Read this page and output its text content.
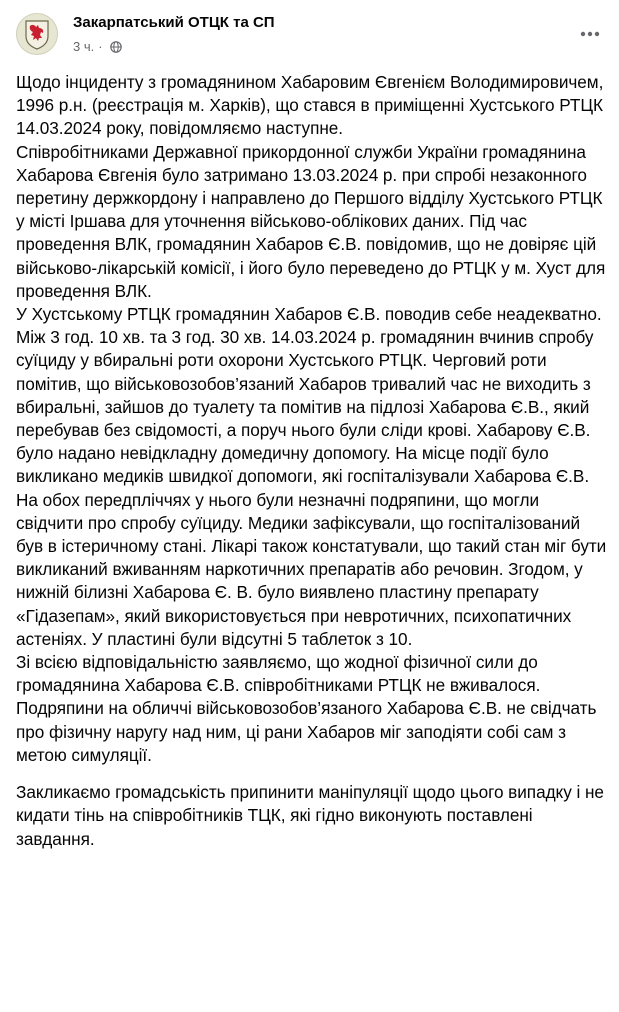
Закарпатський ОТЦК та СП
3 ч. ·

Щодо інциденту з громадянином Хабаровим Євгенієм Володимировичем, 1996 р.н. (реєстрація м. Харків), що стався в приміщенні Хустського РТЦК 14.03.2024 року, повідомляємо наступне.
Співробітниками Державної прикордонної служби України громадянина Хабарова Євгенія було затримано 13.03.2024 р. при спробі незаконного перетину держкордону і направлено до Першого відділу Хустського РТЦК у місті Іршава для уточнення військово-облікових даних. Під час проведення ВЛК, громадянин Хабаров Є.В. повідомив, що не довіряє цій військово-лікарській комісії, і його було переведено до РТЦК у м. Хуст для проведення ВЛК.
У Хустському РТЦК громадянин Хабаров Є.В. поводив себе неадекватно. Між 3 год. 10 хв. та 3 год. 30 хв. 14.03.2024 р. громадянин вчинив спробу суїциду у вбиральні роти охорони Хустського РТЦК. Черговий роти помітив, що військовозобов’язаний Хабаров тривалий час не виходить з вбиральні, зайшов до туалету та помітив на підлозі Хабарова Є.В., який перебував без свідомості, а поруч нього були сліди крові. Хабарову Є.В. було надано невідкладну домедичну допомогу. На місце події було викликано медиків швидкої допомоги, які госпіталізували Хабарова Є.В. На обох передпліччях у нього були незначні подряпини, що могли свідчити про спробу суїциду. Медики зафіксували, що госпіталізований був в істеричному стані. Лікарі також констатували, що такий стан міг бути викликаний вживанням наркотичних препаратів або речовин. Згодом, у нижній білизні Хабарова Є. В. було виявлено пластину препарату «Гідазепам», який використовується при невротичних, психопатичних астеніях. У пластині були відсутні 5 таблеток з 10.
Зі всією відповідальністю заявляємо, що жодної фізичної сили до громадянина Хабарова Є.В. співробітниками РТЦК не вживалося. Подряпини на обличчі військовозобов’язаного Хабарова Є.В. не свідчать про фізичну наругу над ним, ці рани Хабаров міг заподіяти собі сам з метою симуляції.

Закликаємо громадськість припинити маніпуляції щодо цього випадку і не кидати тінь на співробітників ТЦК, які гідно виконують поставлені завдання.
